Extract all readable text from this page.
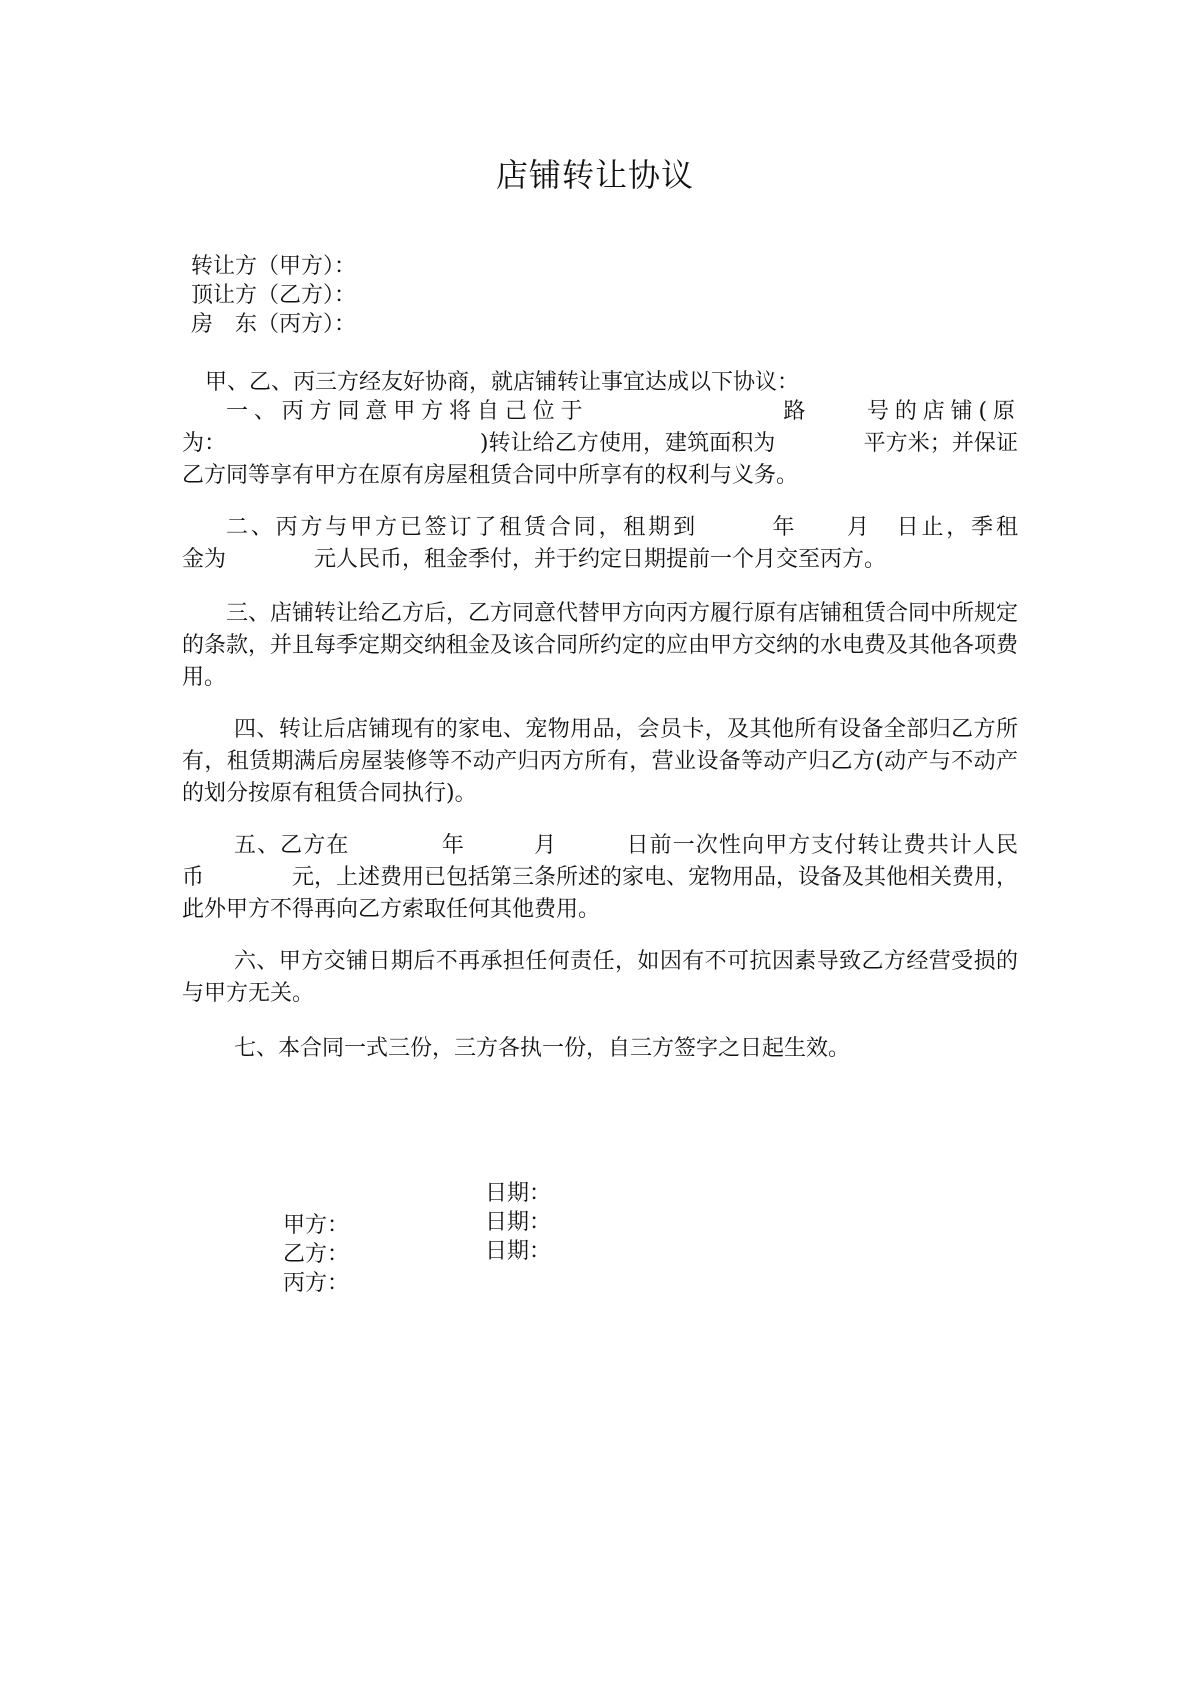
店铺转让协议
转让方（甲方）：
顶让方（乙方）：
房　东（丙方）：
甲、乙、丙三方经友好协商，就店铺转让事宜达成以下协议：
一、丙方同意甲方将自己位于　　　　　　　路　　号的店铺(原
为：　　　　　　　　　　　　)转让给乙方使用，建筑面积为　　　　平方米；并保证乙方同等享有甲方在原有房屋租赁合同中所享有的权利与义务。
二、丙方与甲方已签订了租赁合同，租期到　　　年　　月　日止，季租
金为　　　　元人民币，租金季付，并于约定日期提前一个月交至丙方。
三、店铺转让给乙方后，乙方同意代替甲方向丙方履行原有店铺租赁合同中所规定的条款，并且每季定期交纳租金及该合同所约定的应由甲方交纳的水电费及其他各项费用。
四、转让后店铺现有的家电、宠物用品，会员卡，及其他所有设备全部归乙方所有，租赁期满后房屋装修等不动产归丙方所有，营业设备等动产归乙方(动产与不动产的划分按原有租赁合同执行)。
五、乙方在　　　　年　　　月　　　日前一次性向甲方支付转让费共计人民
币　　　　元，上述费用已包括第三条所述的家电、宠物用品，设备及其他相关费用，此外甲方不得再向乙方索取任何其他费用。
六、甲方交铺日期后不再承担任何责任，如因有不可抗因素导致乙方经营受损的与甲方无关。
七、本合同一式三份，三方各执一份，自三方签字之日起生效。

甲方：

日期：

乙方：

日期：

丙方：

日期：
